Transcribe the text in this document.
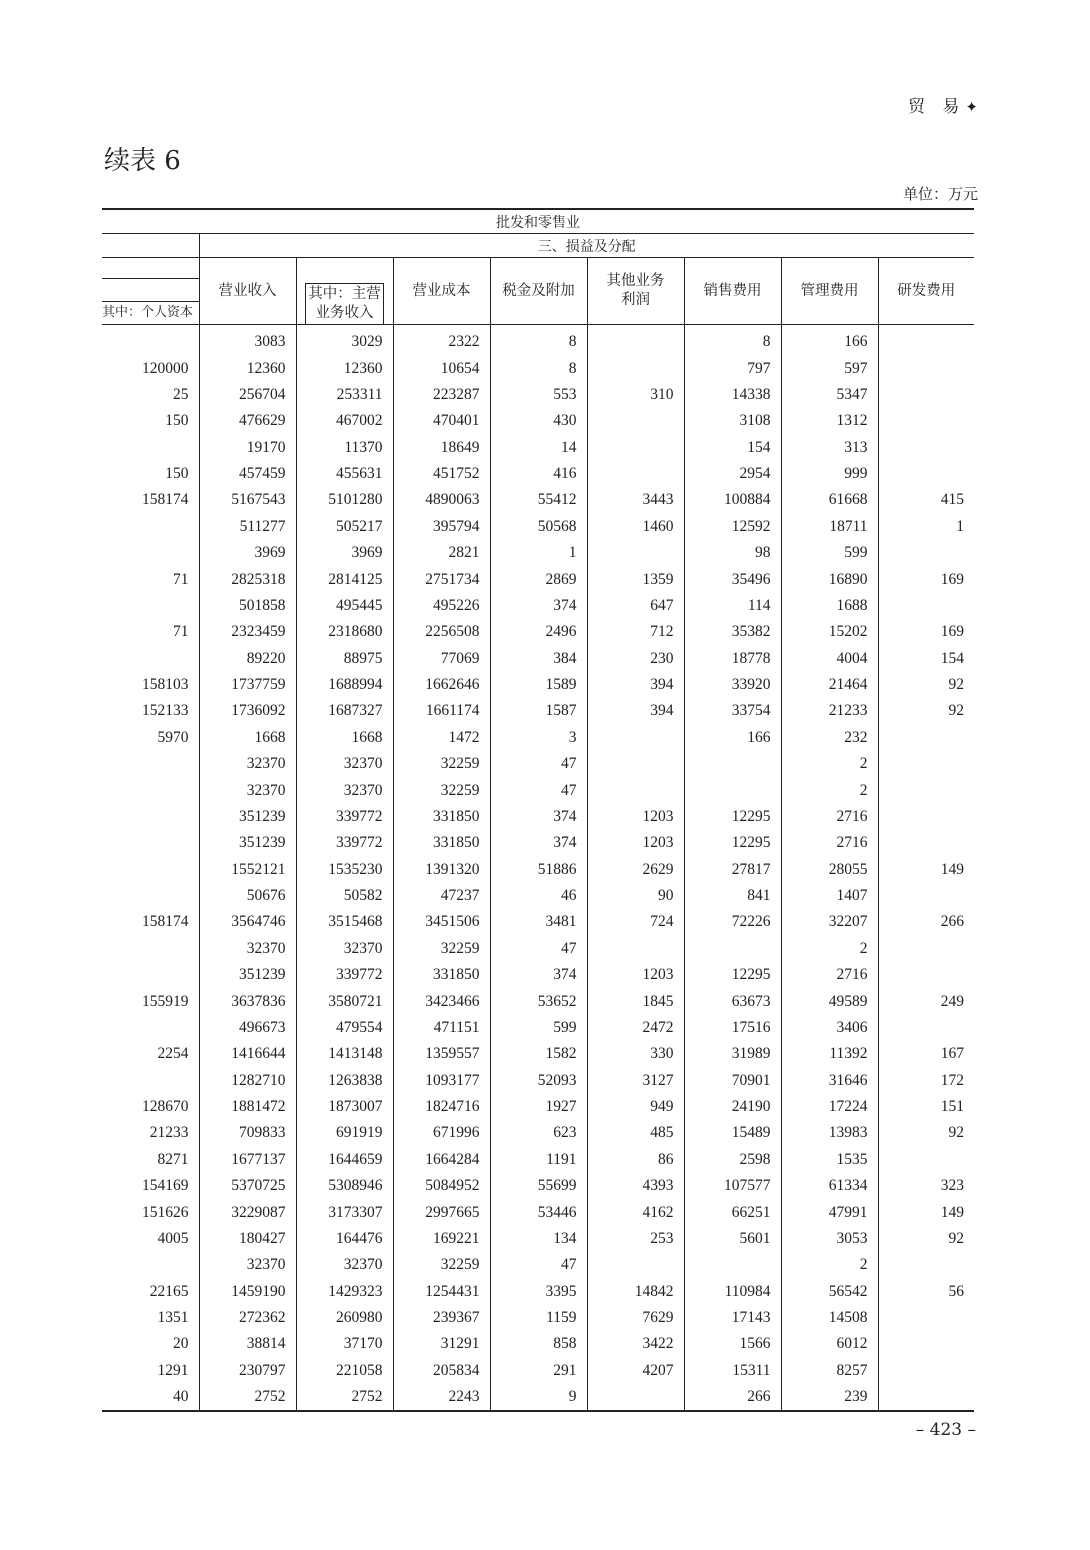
贸 易✦
续表 6
单位：万元
批发和零售业								
	三、损益及分配							

其中：个人资本	营业收入	其中：主营
业务收入	营业成本	税金及附加	其他业务
利润	销售费用	管理费用	研发费用
	3083	3029	2322	8		8	166	
120000	12360	12360	10654	8		797	597	
25	256704	253311	223287	553	310	14338	5347	
150	476629	467002	470401	430		3108	1312	
	19170	11370	18649	14		154	313	
150	457459	455631	451752	416		2954	999	
158174	5167543	5101280	4890063	55412	3443	100884	61668	415
	511277	505217	395794	50568	1460	12592	18711	1
	3969	3969	2821	1		98	599	
71	2825318	2814125	2751734	2869	1359	35496	16890	169
	501858	495445	495226	374	647	114	1688	
71	2323459	2318680	2256508	2496	712	35382	15202	169
	89220	88975	77069	384	230	18778	4004	154
158103	1737759	1688994	1662646	1589	394	33920	21464	92
152133	1736092	1687327	1661174	1587	394	33754	21233	92
5970	1668	1668	1472	3		166	232	
	32370	32370	32259	47			2	
	32370	32370	32259	47			2	
	351239	339772	331850	374	1203	12295	2716	
	351239	339772	331850	374	1203	12295	2716	
	1552121	1535230	1391320	51886	2629	27817	28055	149
	50676	50582	47237	46	90	841	1407	
158174	3564746	3515468	3451506	3481	724	72226	32207	266
	32370	32370	32259	47			2	
	351239	339772	331850	374	1203	12295	2716	
155919	3637836	3580721	3423466	53652	1845	63673	49589	249
	496673	479554	471151	599	2472	17516	3406	
2254	1416644	1413148	1359557	1582	330	31989	11392	167
	1282710	1263838	1093177	52093	3127	70901	31646	172
128670	1881472	1873007	1824716	1927	949	24190	17224	151
21233	709833	691919	671996	623	485	15489	13983	92
8271	1677137	1644659	1664284	1191	86	2598	1535	
154169	5370725	5308946	5084952	55699	4393	107577	61334	323
151626	3229087	3173307	2997665	53446	4162	66251	47991	149
4005	180427	164476	169221	134	253	5601	3053	92
	32370	32370	32259	47			2	
22165	1459190	1429323	1254431	3395	14842	110984	56542	56
1351	272362	260980	239367	1159	7629	17143	14508	
20	38814	37170	31291	858	3422	1566	6012	
1291	230797	221058	205834	291	4207	15311	8257	
40	2752	2752	2243	9		266	239	
– 423 –
